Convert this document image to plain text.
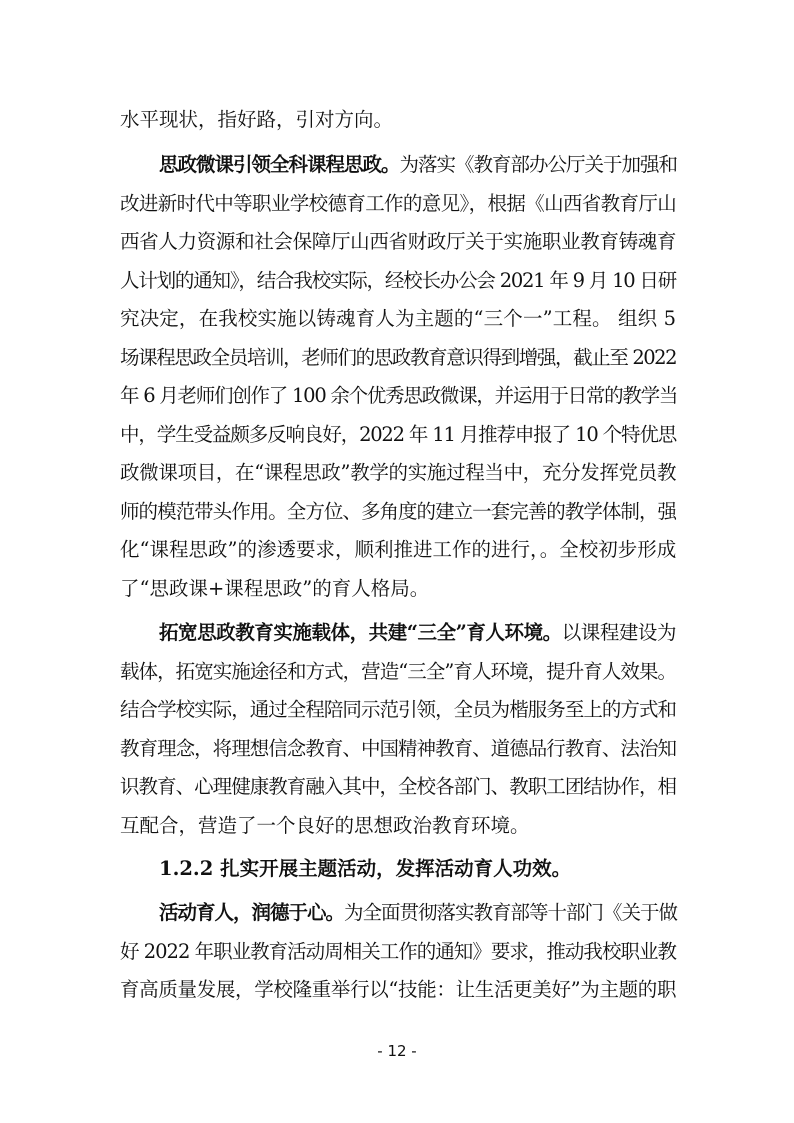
水平现状，指好路，引对方向。
思政微课引领全科课程思政。为落实《教育部办公厅关于加强和
改进新时代中等职业学校德育工作的意见》，根据《山西省教育厅山
西省人力资源和社会保障厅山西省财政厅关于实施职业教育铸魂育
人计划的通知》，结合我校实际，经校长办公会 2021 年 9 月 10 日研
究决定，在我校实施以铸魂育人为主题的“三个一”工程。 组织 5
场课程思政全员培训，老师们的思政教育意识得到增强，截止至 2022
年 6 月老师们创作了 100 余个优秀思政微课，并运用于日常的教学当
中，学生受益颇多反响良好，2022 年 11 月推荐申报了 10 个特优思
政微课项目，在“课程思政”教学的实施过程当中，充分发挥党员教
师的模范带头作用。全方位、多角度的建立一套完善的教学体制，强
化“课程思政”的渗透要求，顺利推进工作的进行，。全校初步形成
了“思政课+课程思政”的育人格局。
拓宽思政教育实施载体，共建“三全”育人环境。以课程建设为
载体，拓宽实施途径和方式，营造“三全”育人环境，提升育人效果。
结合学校实际，通过全程陪同示范引领，全员为楷服务至上的方式和
教育理念，将理想信念教育、中国精神教育、道德品行教育、法治知
识教育、心理健康教育融入其中，全校各部门、教职工团结协作，相
互配合，营造了一个良好的思想政治教育环境。
1.2.2 扎实开展主题活动，发挥活动育人功效。
活动育人，润德于心。为全面贯彻落实教育部等十部门《关于做
好 2022 年职业教育活动周相关工作的通知》要求，推动我校职业教
育高质量发展，学校隆重举行以“技能：让生活更美好”为主题的职
- 12 -
